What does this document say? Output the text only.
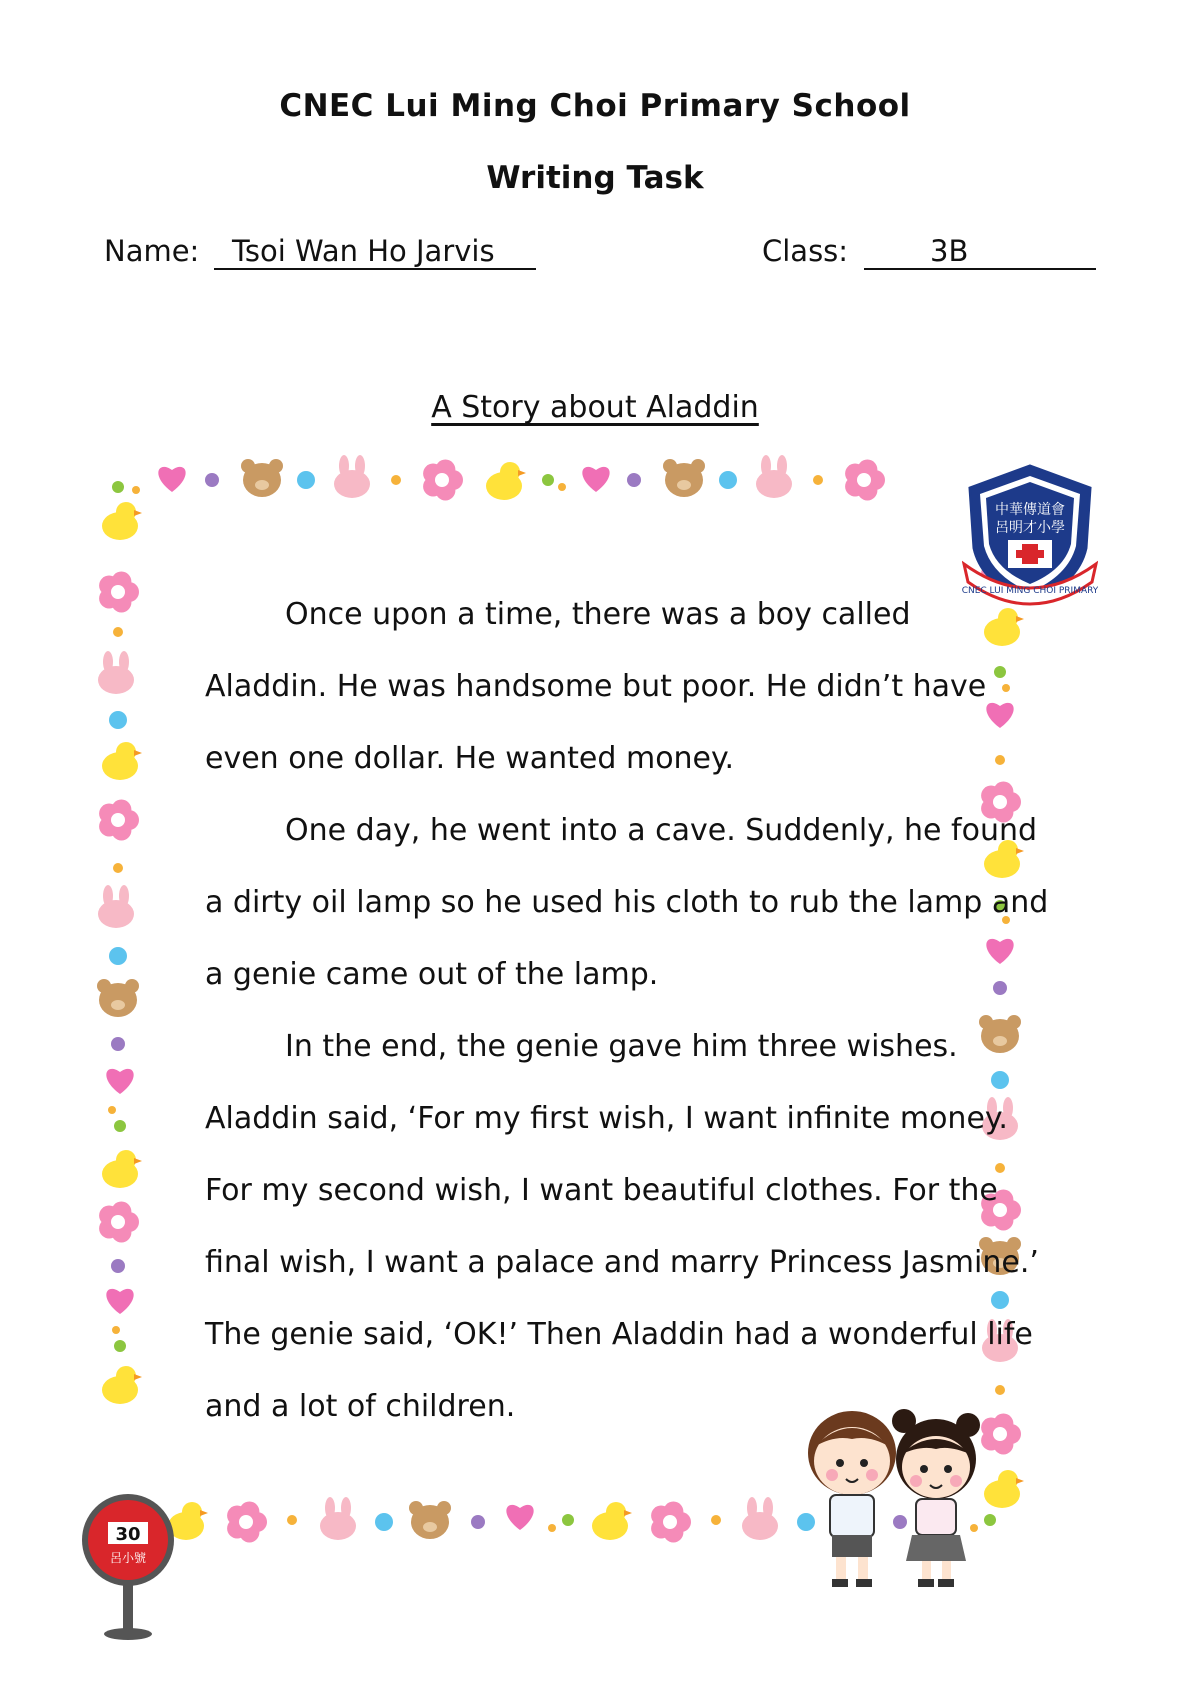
CNEC Lui Ming Choi Primary School
Writing Task
Name:	Tsoi Wan Ho Jarvis	Class:	3B
A Story about Aladdin
中華傳道會
呂明才小學
CNEC LUI MING CHOI PRIMARY
Once upon a time, there was a boy called
Aladdin. He was handsome but poor. He didn’t have
even one dollar. He wanted money.
One day, he went into a cave. Suddenly, he found
a dirty oil lamp so he used his cloth to rub the lamp and
a genie came out of the lamp.
In the end, the genie gave him three wishes.
Aladdin said, ‘For my first wish, I want infinite money.
For my second wish, I want beautiful clothes. For the
final wish, I want a palace and marry Princess Jasmine.’
The genie said, ‘OK!’ Then Aladdin had a wonderful life
and a lot of children.
30
呂小號
